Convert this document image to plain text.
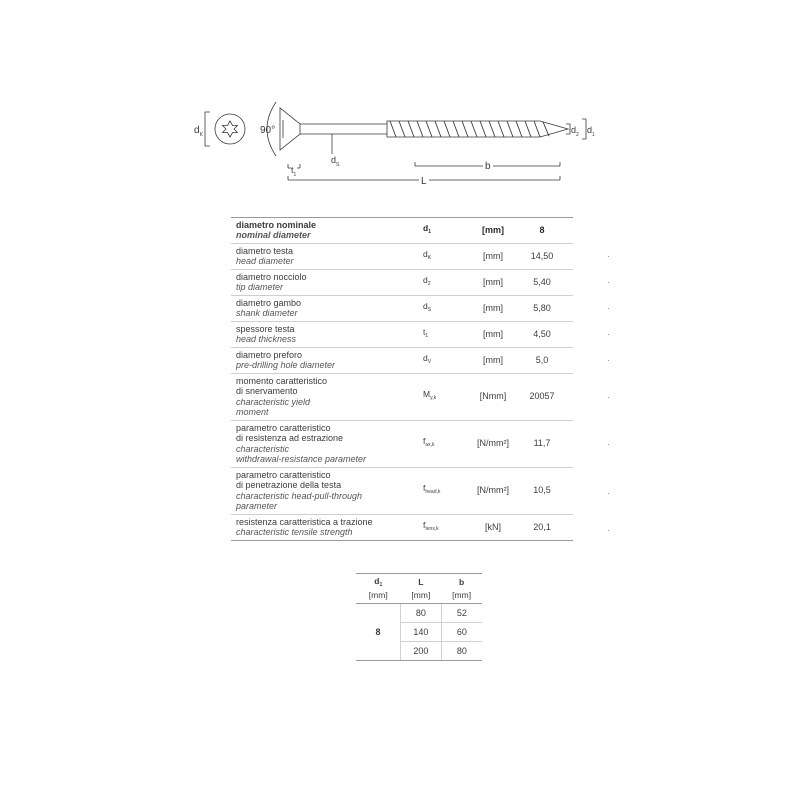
$d_K$	90°
$d_S$
$t_1$
b
L
$d_2$ $d_1$
diametro nominale
nominal diameter	$d_1$	[mm]	8

diametro testa
head diameter	$d_K$	[mm]	14,50

diametro nocciolo
tip diameter	$d_2$	[mm]	5,40

diametro gambo
shank diameter	$d_S$	[mm]	5,80

spessore testa
head thickness	$t_1$	[mm]	4,50

diametro preforo
pre-drilling hole diameter	$d_V$	[mm]	5,0

momento caratteristico
di snervamento
characteristic yield
moment	$M_{y,k}$	[Nmm]	20057

parametro caratteristico
di resistenza ad estrazione
characteristic
withdrawal-resistance parameter	$f_{ax,k}$	[N/mm²]	11,7

parametro caratteristico
di penetrazione della testa
characteristic head-pull-through
parameter	$f_{head,k}$	[N/mm²]	10,5

resistenza caratteristica a trazione
characteristic tensile strength	$f_{tens,k}$	[kN]	20,1
$d_1$	L	b
[mm]	[mm]	[mm]
8	80	52
	140	60
	200	80
